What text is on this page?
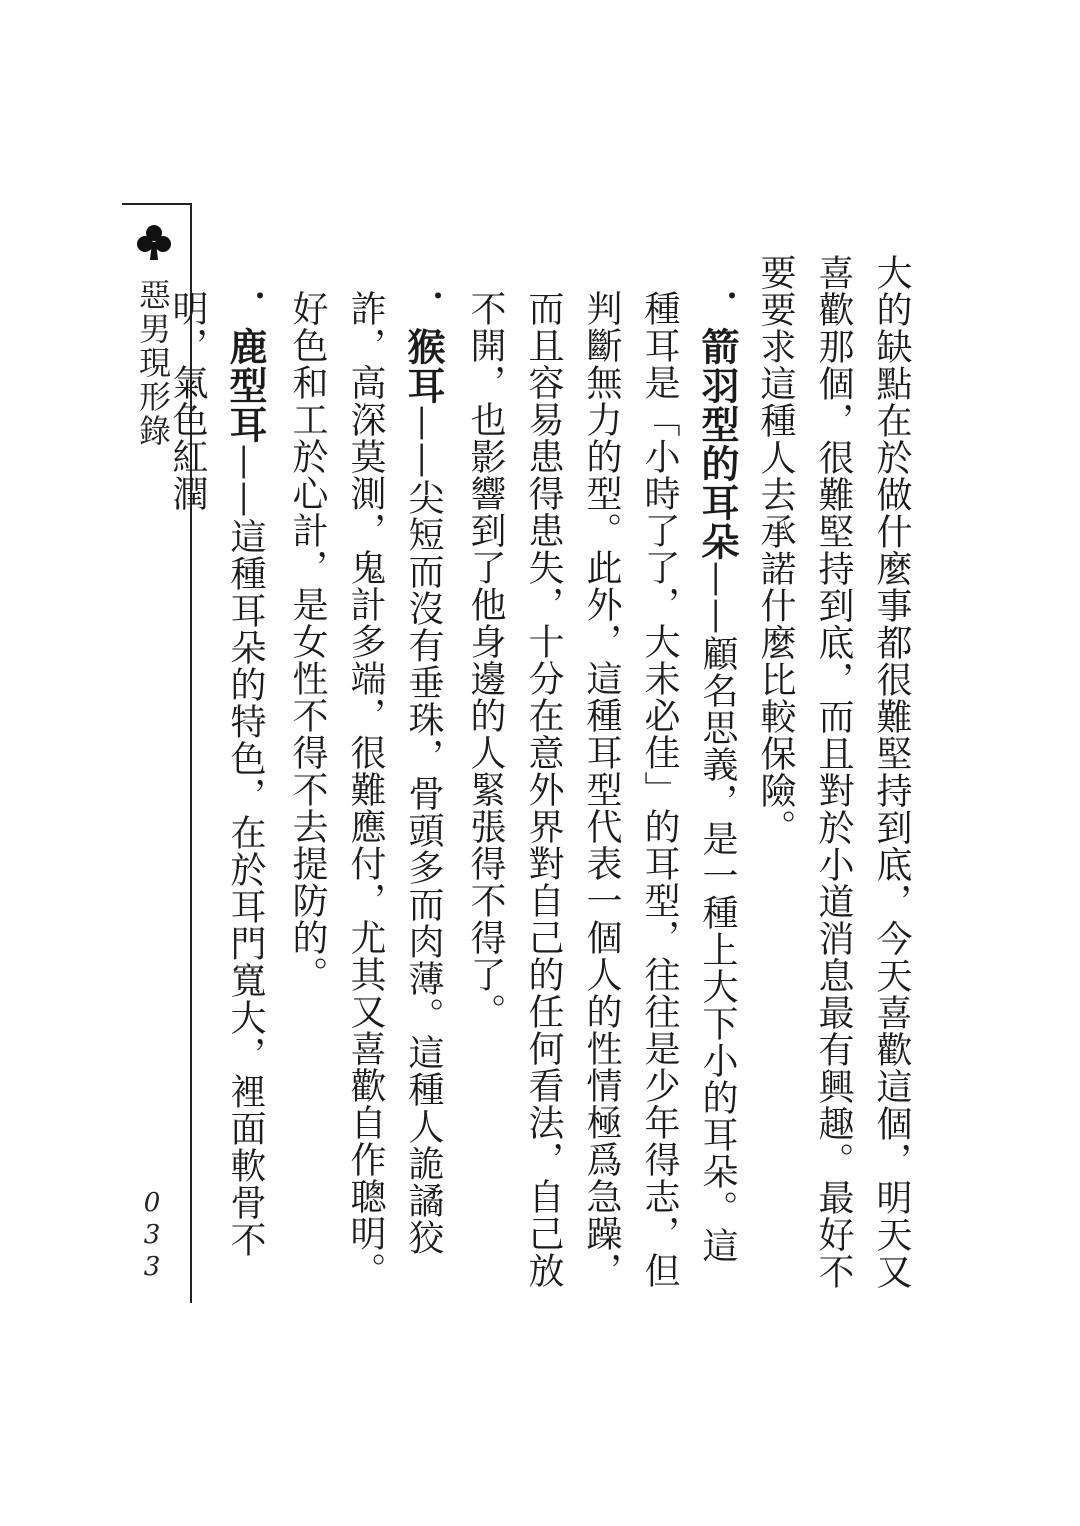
惡男現形錄
033	大的缺點在於做什麼事都很難堅持到底，今天喜歡這個，明天又喜歡那個，很難堅持到底，而且對於小道消息最有興趣。最好不要要求這種人去承諾什麼比較保險。

．箭羽型的耳朵——顧名思義，是一種上大下小的耳朵。這種耳是「小時了了，大未必佳」的耳型，往往是少年得志，但判斷無力的型。此外，這種耳型代表一個人的性情極爲急躁，而且容易患得患失，十分在意外界對自己的任何看法，自己放不開，也影響到了他身邊的人緊張得不得了。

．猴耳——尖短而沒有垂珠，骨頭多而肉薄。這種人詭譎狡詐，高深莫測，鬼計多端，很難應付，尤其又喜歡自作聰明。好色和工於心計，是女性不得不去提防的。

．鹿型耳——這種耳朵的特色，在於耳門寬大，裡面軟骨不明，氣色紅潤
